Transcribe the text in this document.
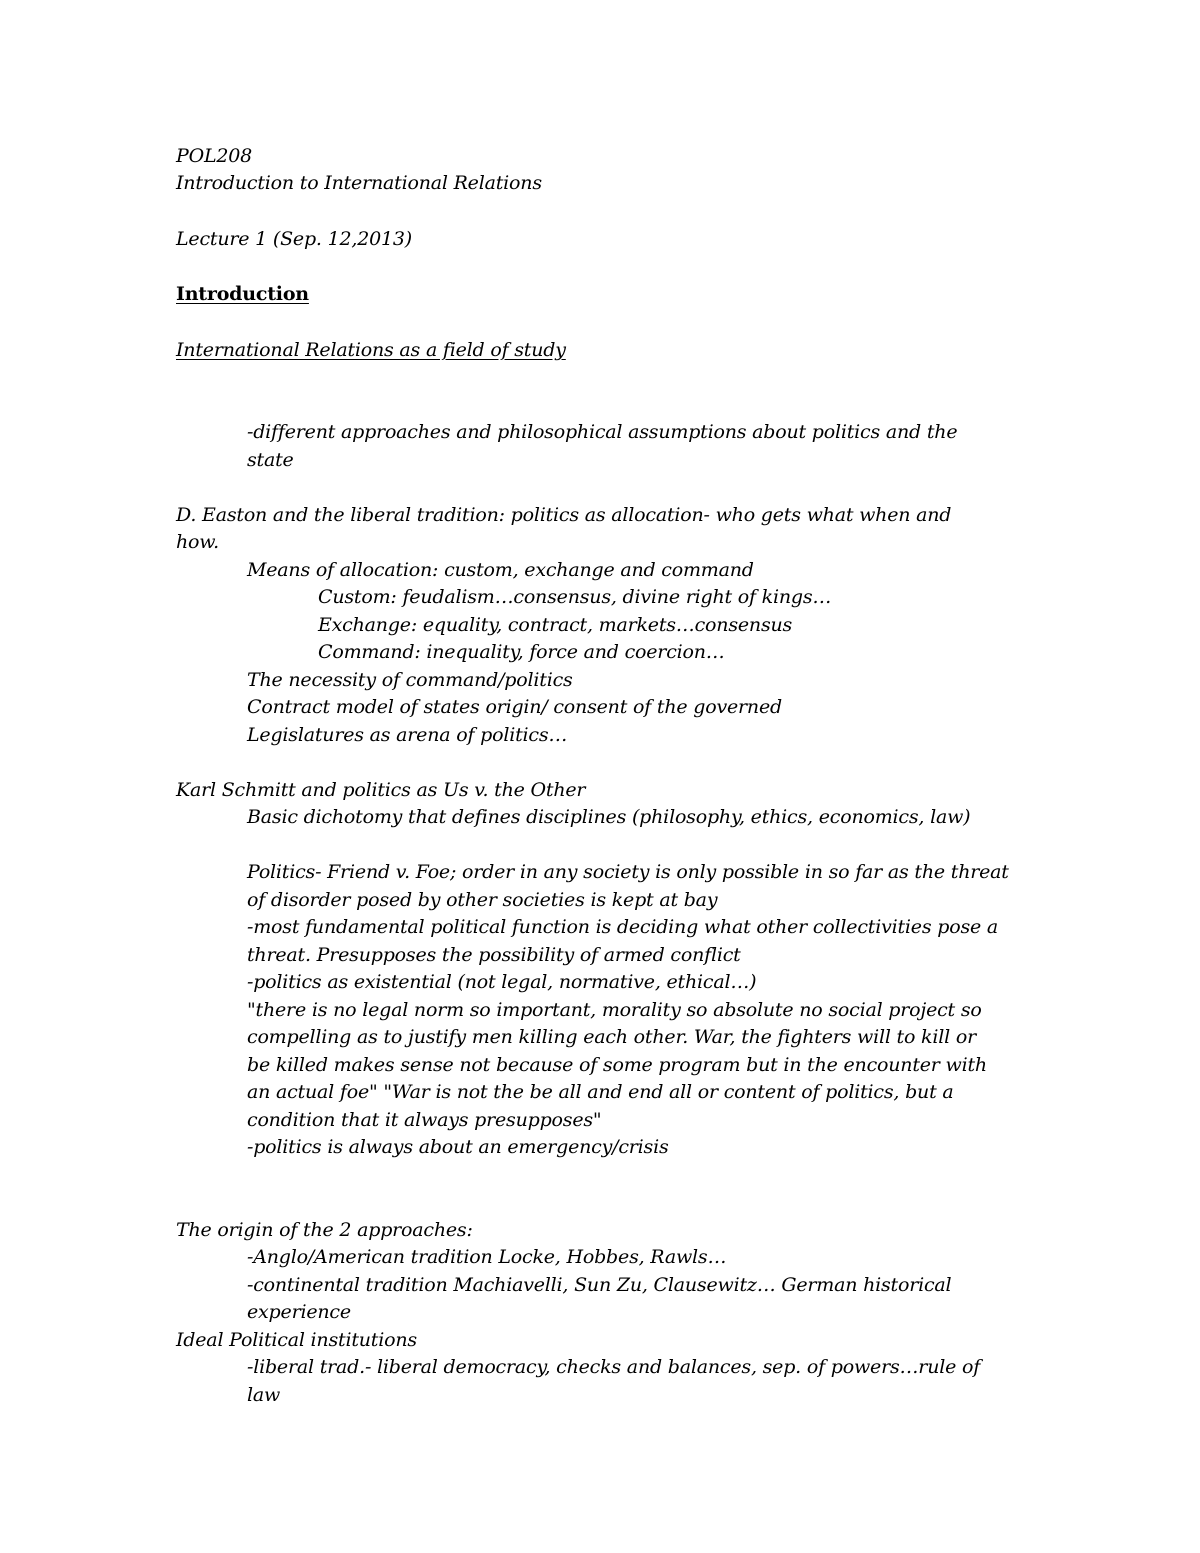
POL208
Introduction to International Relations
Lecture 1 (Sep. 12,2013)
Introduction
International Relations as a field of study
-different approaches and philosophical assumptions about politics and the
state
D. Easton and the liberal tradition: politics as allocation- who gets what when and
how.
Means of allocation: custom, exchange and command
Custom: feudalism…consensus, divine right of kings…
Exchange: equality, contract, markets…consensus
Command: inequality, force and coercion…
The necessity of command/politics
Contract model of states origin/ consent of the governed
Legislatures as arena of politics…
Karl Schmitt and politics as Us v. the Other
Basic dichotomy that defines disciplines (philosophy, ethics, economics, law)
Politics- Friend v. Foe; order in any society is only possible in so far as the threat
of disorder posed by other societies is kept at bay
-most fundamental political function is deciding what other collectivities pose a
threat. Presupposes the possibility of armed conflict
-politics as existential (not legal, normative, ethical…)
"there is no legal norm so important, morality so absolute no social project so
compelling as to justify men killing each other. War, the fighters will to kill or
be killed makes sense not because of some program but in the encounter with
an actual foe" "War is not the be all and end all or content of politics, but a
condition that it always presupposes"
-politics is always about an emergency/crisis
The origin of the 2 approaches:
-Anglo/American tradition Locke, Hobbes, Rawls…
-continental tradition Machiavelli, Sun Zu, Clausewitz… German historical
experience
Ideal Political institutions
-liberal trad.- liberal democracy, checks and balances, sep. of powers…rule of
law
